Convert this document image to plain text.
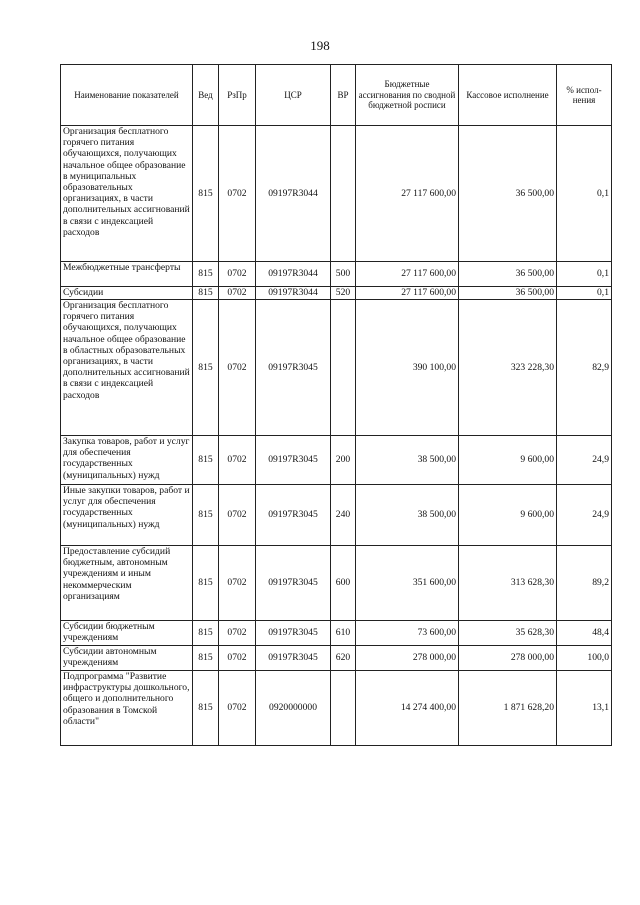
198
Наименование показателей	Вед	РзПр	ЦСР	ВР	Бюджетные ассигнования по сводной бюджетной росписи	Кассовое исполнение	% испол-нения
Организация бесплатного горячего питания обучающихся, получающих начальное общее образование в муниципальных образовательных организациях, в части дополнительных ассигнований в связи с индексацией расходов	815	0702	09197R3044		27 117 600,00	36 500,00	0,1
Межбюджетные трансферты	815	0702	09197R3044	500	27 117 600,00	36 500,00	0,1
Субсидии	815	0702	09197R3044	520	27 117 600,00	36 500,00	0,1
Организация бесплатного горячего питания обучающихся, получающих начальное общее образование в областных образовательных организациях, в части дополнительных ассигнований в связи с индексацией расходов	815	0702	09197R3045		390 100,00	323 228,30	82,9
Закупка товаров, работ и услуг для обеспечения государственных (муниципальных) нужд	815	0702	09197R3045	200	38 500,00	9 600,00	24,9
Иные закупки товаров, работ и услуг для обеспечения государственных (муниципальных) нужд	815	0702	09197R3045	240	38 500,00	9 600,00	24,9
Предоставление субсидий бюджетным, автономным учреждениям и иным некоммерческим организациям	815	0702	09197R3045	600	351 600,00	313 628,30	89,2
Субсидии бюджетным учреждениям	815	0702	09197R3045	610	73 600,00	35 628,30	48,4
Субсидии автономным учреждениям	815	0702	09197R3045	620	278 000,00	278 000,00	100,0
Подпрограмма "Развитие инфраструктуры дошкольного, общего и дополнительного образования в Томской области"	815	0702	0920000000		14 274 400,00	1 871 628,20	13,1
